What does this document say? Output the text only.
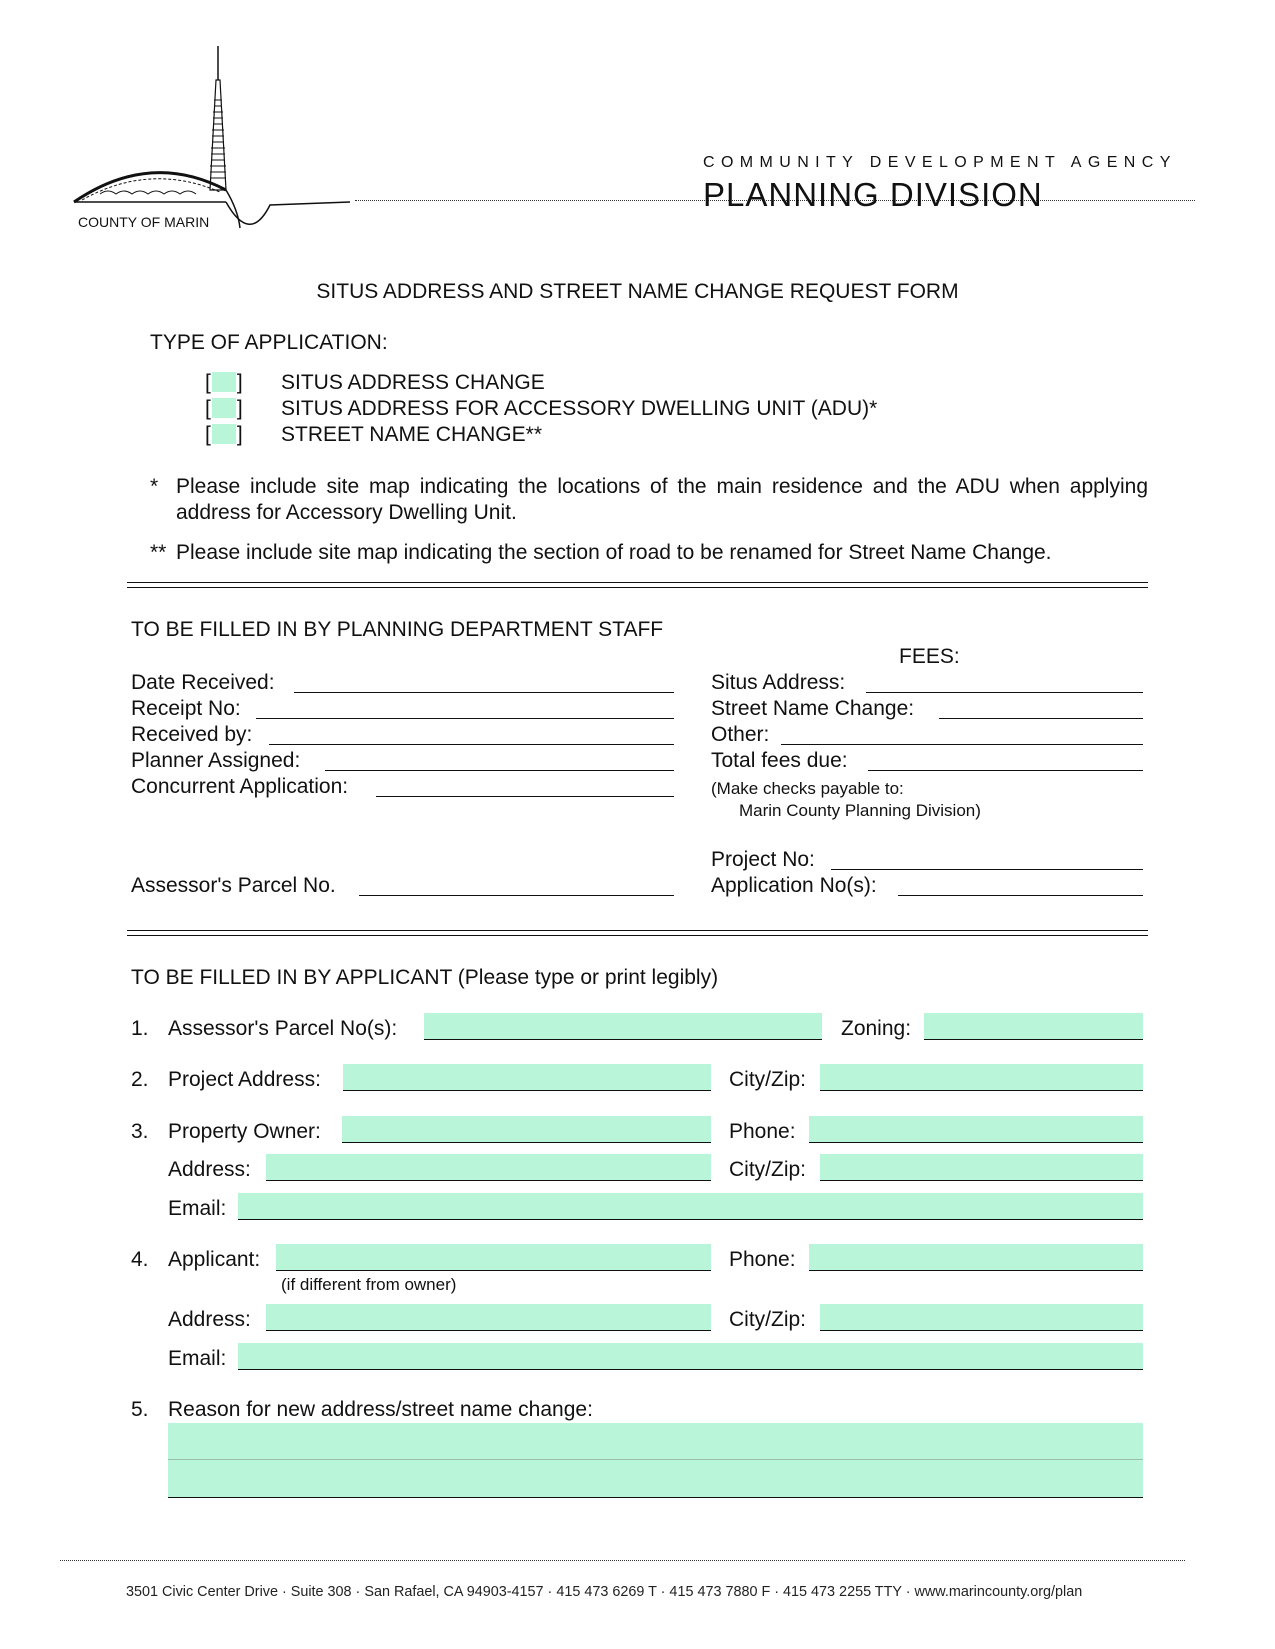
COUNTY OF MARIN
COMMUNITY DEVELOPMENT AGENCY
PLANNING DIVISION
SITUS ADDRESS AND STREET NAME CHANGE REQUEST FORM
TYPE OF APPLICATION:
[ ] SITUS ADDRESS CHANGE
[ ] SITUS ADDRESS FOR ACCESSORY DWELLING UNIT (ADU)*
[ ] STREET NAME CHANGE**
* Please include site map indicating the locations of the main residence and the ADU when applying address for Accessory Dwelling Unit.
** Please include site map indicating the section of road to be renamed for Street Name Change.
TO BE FILLED IN BY PLANNING DEPARTMENT STAFF
FEES:
Date Received:
Receipt No:
Received by:
Planner Assigned:
Concurrent Application:
Situs Address:
Street Name Change:
Other:
Total fees due:
(Make checks payable to:
Marin County Planning Division)
Project No:
Application No(s):
Assessor's Parcel No.
TO BE FILLED IN BY APPLICANT (Please type or print legibly)
1. Assessor's Parcel No(s):	Zoning:
2. Project Address:	City/Zip:
3. Property Owner:	Phone:
Address:	City/Zip:
Email:
4. Applicant:	Phone:
(if different from owner)
Address:	City/Zip:
Email:
5. Reason for new address/street name change:
3501 Civic Center Drive · Suite 308 · San Rafael, CA 94903-4157 · 415 473 6269 T · 415 473 7880 F · 415 473 2255 TTY · www.marincounty.org/plan
